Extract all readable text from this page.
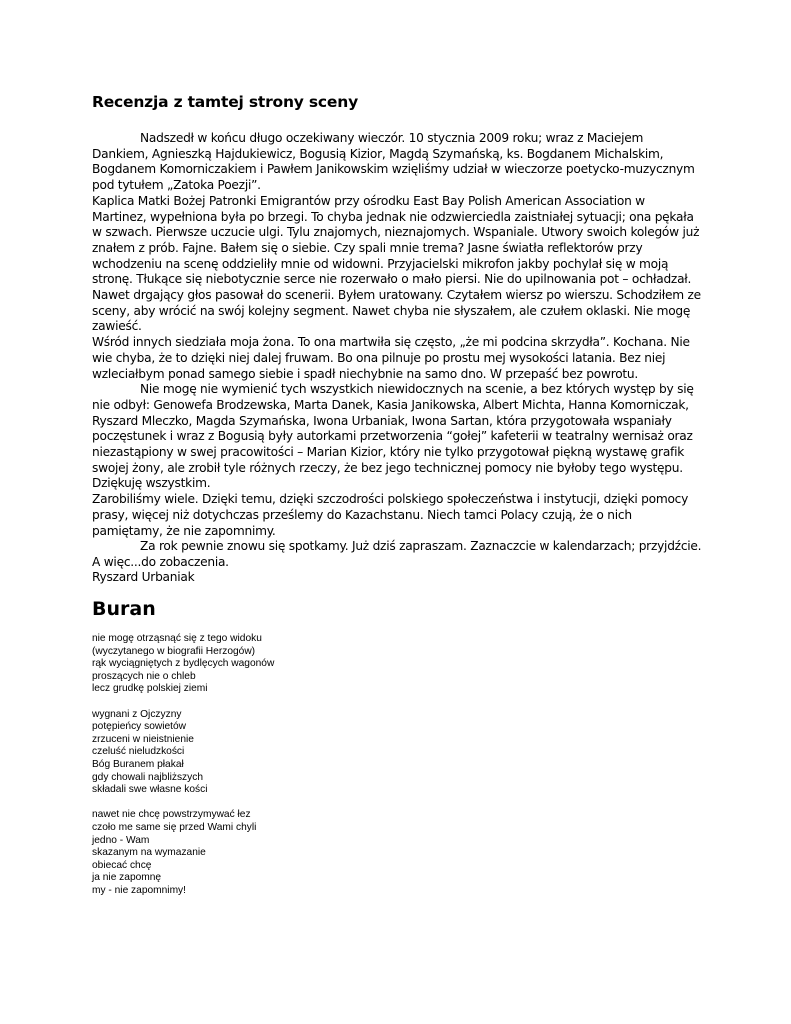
Recenzja z tamtej strony sceny

Nadszedł w końcu długo oczekiwany wieczór. 10 stycznia 2009 roku; wraz z Maciejem Dankiem, Agnieszką Hajdukiewicz, Bogusią Kizior, Magdą Szymańską, ks. Bogdanem Michalskim, Bogdanem Komorniczakiem i Pawłem Janikowskim wzięliśmy udział w wieczorze poetycko-muzycznym pod tytułem „Zatoka Poezji”.

Kaplica Matki Bożej Patronki Emigrantów przy ośrodku East Bay Polish American Association w Martinez, wypełniona była po brzegi. To chyba jednak nie odzwierciedla zaistniałej sytuacji; ona pękała w szwach. Pierwsze uczucie ulgi. Tylu znajomych, nieznajomych. Wspaniale. Utwory swoich kolegów już znałem z prób. Fajne. Bałem się o siebie. Czy spali mnie trema? Jasne światła reflektorów przy wchodzeniu na scenę oddzieliły mnie od widowni. Przyjacielski mikrofon jakby pochylał się w moją stronę. Tłukące się niebotycznie serce nie rozerwało o mało piersi. Nie do upilnowania pot – ochładzał. Nawet drgający głos pasował do scenerii. Byłem uratowany. Czytałem wiersz po wierszu. Schodziłem ze sceny, aby wrócić na swój kolejny segment. Nawet chyba nie słyszałem, ale czułem oklaski. Nie mogę zawieść.

Wśród innych siedziała moja żona. To ona martwiła się często, „że mi podcina skrzydła”. Kochana. Nie wie chyba, że to dzięki niej dalej fruwam. Bo ona pilnuje po prostu mej wysokości latania. Bez niej wzleciałbym ponad samego siebie i spadł niechybnie na samo dno. W przepaść bez powrotu.

Nie mogę nie wymienić tych wszystkich niewidocznych na scenie, a bez których występ by się nie odbył: Genowefa Brodzewska, Marta Danek, Kasia Janikowska, Albert Michta, Hanna Komorniczak, Ryszard Mleczko, Magda Szymańska, Iwona Urbaniak, Iwona Sartan, która przygotowała wspaniały poczęstunek i wraz z Bogusią były autorkami przetworzenia “gołej” kafeterii w teatralny wernisaż oraz niezastąpiony w swej pracowitości – Marian Kizior, który nie tylko przygotował piękną wystawę grafik swojej żony, ale zrobił tyle różnych rzeczy, że bez jego technicznej pomocy nie byłoby tego występu. Dziękuję wszystkim.

Zarobiliśmy wiele. Dzięki temu, dzięki szczodrości polskiego społeczeństwa i instytucji, dzięki pomocy prasy, więcej niż dotychczas prześlemy do Kazachstanu. Niech tamci Polacy czują, że o nich pamiętamy, że nie zapomnimy.

Za rok pewnie znowu się spotkamy. Już dziś zapraszam. Zaznaczcie w kalendarzach; przyjdźcie. A więc...do zobaczenia.

Ryszard Urbaniak

Buran
nie mogę otrząsnąć się z tego widoku
(wyczytanego w biografii Herzogów)
rąk wyciągniętych z bydlęcych wagonów
proszących nie o chleb
lecz grudkę polskiej ziemi
wygnani z Ojczyzny
potępieńcy sowietów
zrzuceni w nieistnienie
czeluść nieludzkości
Bóg Buranem płakał
gdy chowali najbliższych
składali swe własne kości
nawet nie chcę powstrzymywać łez
czoło me same się przed Wami chyli
jedno - Wam
skazanym na wymazanie
obiecać chcę
ja nie zapomnę
my - nie zapomnimy!
